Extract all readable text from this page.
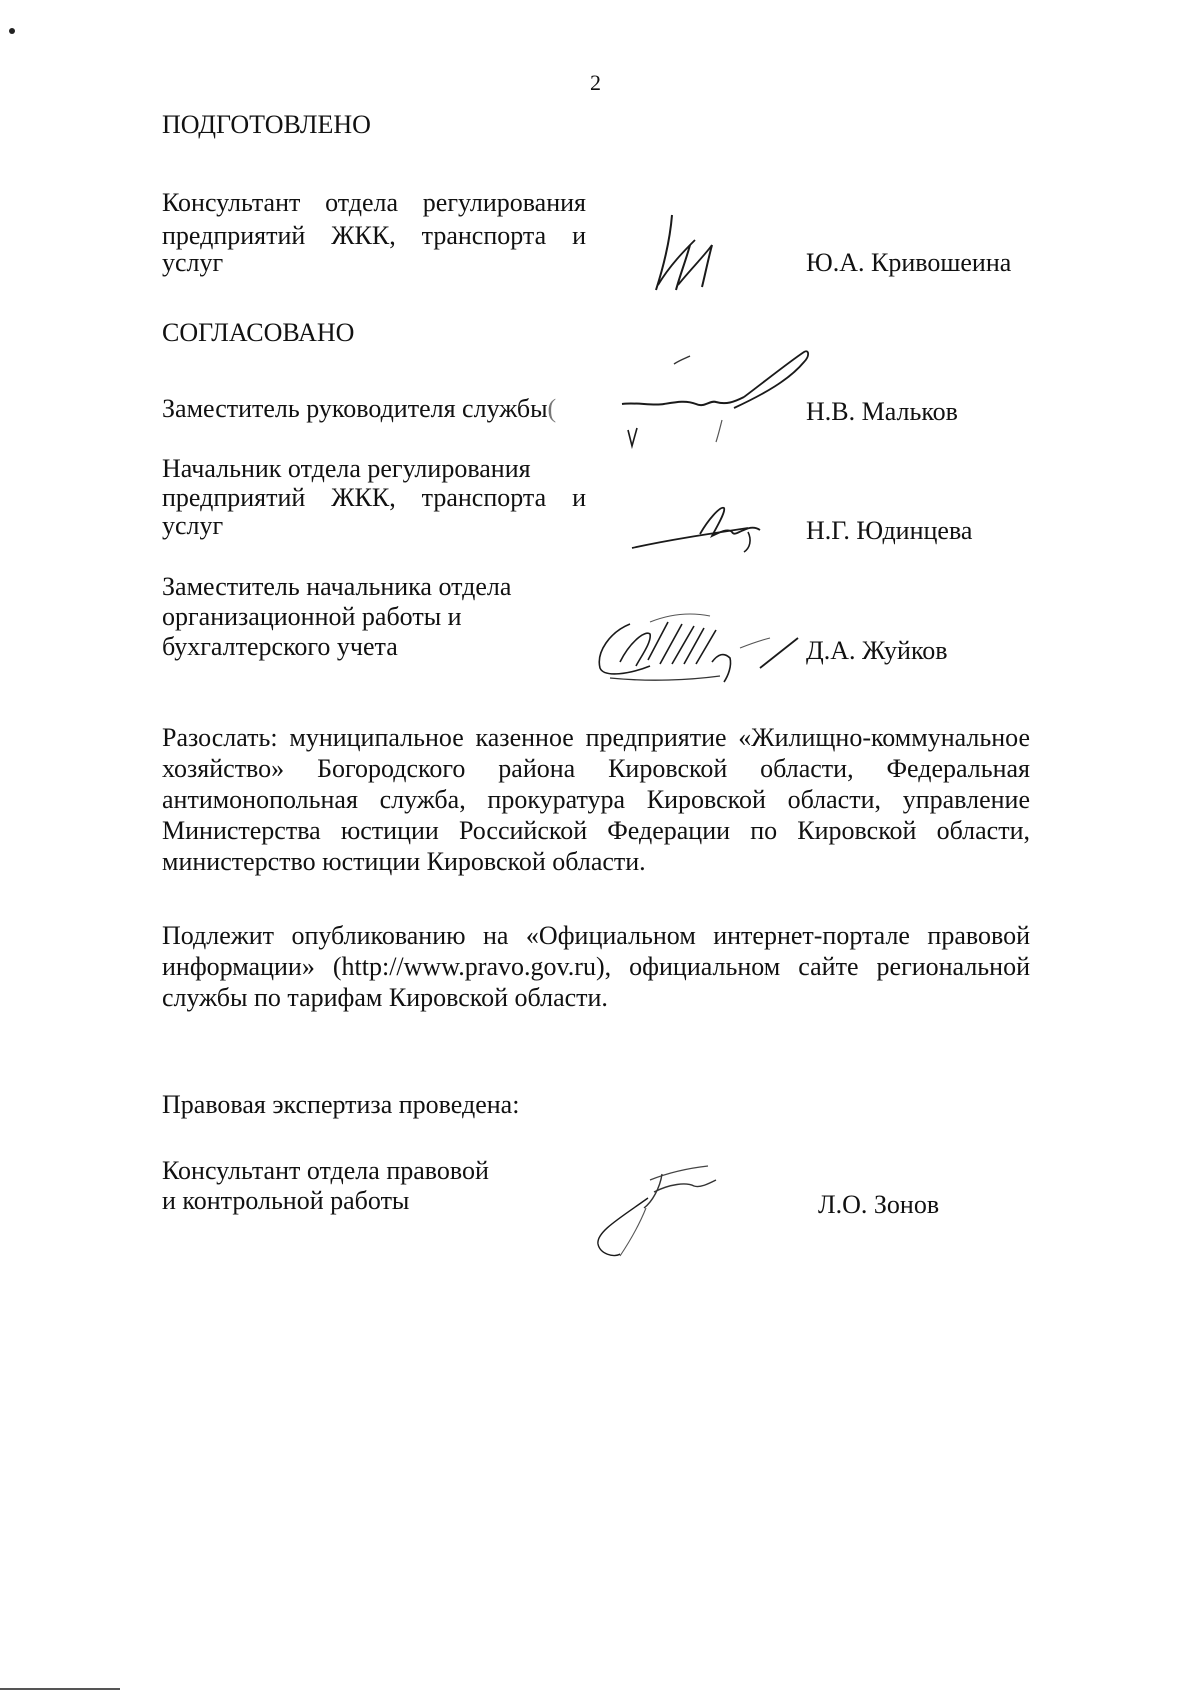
2
ПОДГОТОВЛЕНО
Консультант отдела регулирования
предприятий ЖКК, транспорта и
услуг	Ю.А. Кривошеина
СОГЛАСОВАНО
Заместитель руководителя службы(	Н.В. Мальков
Начальник отдела регулирования
предприятий ЖКК, транспорта и
услуг	Н.Г. Юдинцева
Заместитель начальника отдела
организационной работы и
бухгалтерского учета	Д.А. Жуйков
Разослать: муниципальное казенное предприятие «Жилищно-коммунальное
хозяйство» Богородского района Кировской области, Федеральная
антимонопольная служба, прокуратура Кировской области, управление
Министерства юстиции Российской Федерации по Кировской области,
министерство юстиции Кировской области.
Подлежит опубликованию на «Официальном интернет-портале правовой
информации» (http://www.pravo.gov.ru), официальном сайте региональной
службы по тарифам Кировской области.
Правовая экспертиза проведена:
Консультант отдела правовой
и контрольной работы	Л.О. Зонов
